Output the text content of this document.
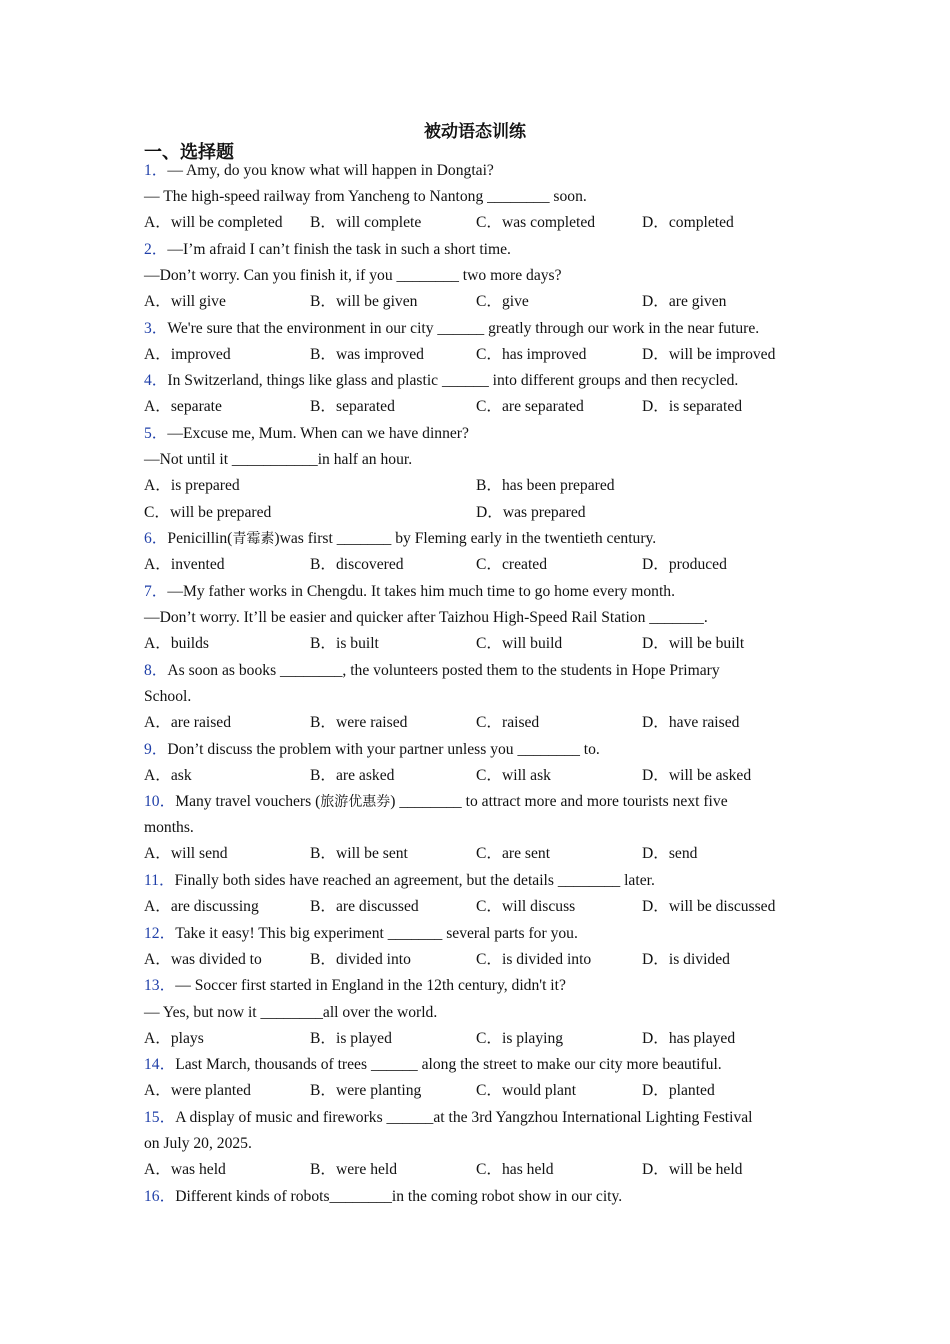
被动语态训练
一、选择题
1．— Amy, do you know what will happen in Dongtai?
— The high-speed railway from Yancheng to Nantong ________ soon.
A．will be completed	B．will complete	C．was completed	D．completed
2．—I’m afraid I can’t finish the task in such a short time.
—Don’t worry. Can you finish it, if you ________ two more days?
A．will give	B．will be given	C．give	D．are given
3．We're sure that the environment in our city ______ greatly through our work in the near future.
A．improved	B．was improved	C．has improved	D．will be improved
4．In Switzerland, things like glass and plastic ______ into different groups and then recycled.
A．separate	B．separated	C．are separated	D．is separated
5．—Excuse me, Mum. When can we have dinner?
—Not until it ___________in half an hour.
A．is prepared	B．has been prepared
C．will be prepared	D．was prepared
6．Penicillin(青霉素)was first _______ by Fleming early in the twentieth century.
A．invented	B．discovered	C．created	D．produced
7．—My father works in Chengdu. It takes him much time to go home every month.
—Don’t worry. It’ll be easier and quicker after Taizhou High-Speed Rail Station _______.
A．builds	B．is built	C．will build	D．will be built
8．As soon as books ________, the volunteers posted them to the students in Hope Primary
School.
A．are raised	B．were raised	C．raised	D．have raised
9．Don’t discuss the problem with your partner unless you ________ to.
A．ask	B．are asked	C．will ask	D．will be asked
10．Many travel vouchers (旅游优惠券) ________ to attract more and more tourists next five
months.
A．will send	B．will be sent	C．are sent	D．send
11．Finally both sides have reached an agreement, but the details ________ later.
A．are discussing	B．are discussed	C．will discuss	D．will be discussed
12．Take it easy! This big experiment _______ several parts for you.
A．was divided to	B．divided into	C．is divided into	D．is divided
13．— Soccer first started in England in the 12th century, didn't it?
— Yes, but now it ________all over the world.
A．plays	B．is played	C．is playing	D．has played
14．Last March, thousands of trees ______ along the street to make our city more beautiful.
A．were planted	B．were planting	C．would plant	D．planted
15．A display of music and fireworks ______at the 3rd Yangzhou International Lighting Festival
on July 20, 2025.
A．was held	B．were held	C．has held	D．will be held
16．Different kinds of robots________in the coming robot show in our city.
